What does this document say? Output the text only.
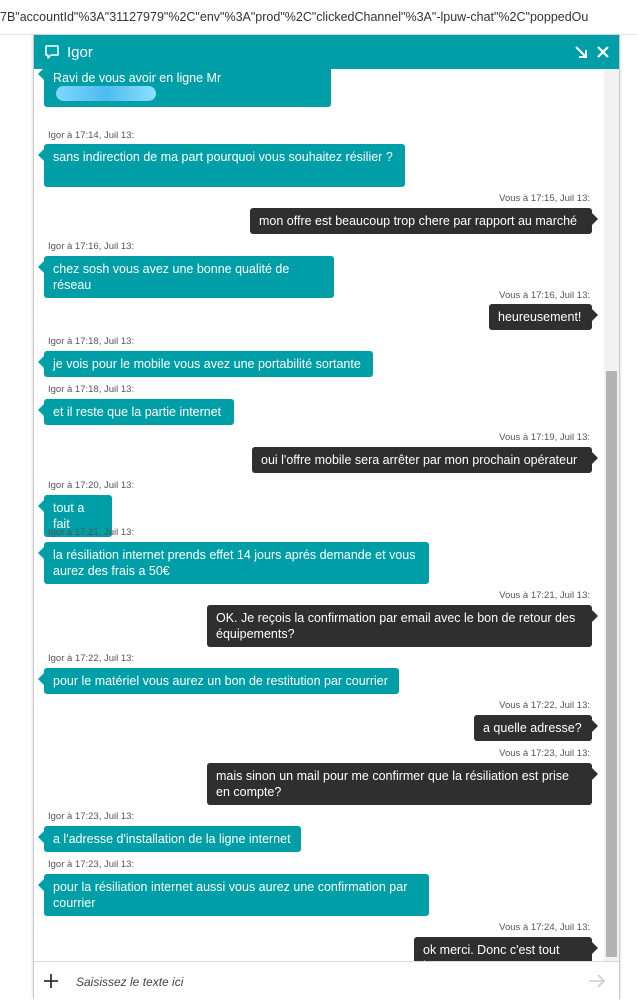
7B"accountId"%3A"31127979"%2C"env"%3A"prod"%2C"clickedChannel"%3A"-lpuw-chat"%2C"poppedOu
Igor
Ravi de vous avoir en ligne Mr
Igor à 17:14, Juil 13:
sans indirection de ma part pourquoi vous souhaitez résilier ?
Vous à 17:15, Juil 13:
mon offre est beaucoup trop chere par rapport au marché
Igor à 17:16, Juil 13:
chez sosh vous avez une bonne qualité de réseau
Vous à 17:16, Juil 13:
heureusement!
Igor à 17:18, Juil 13:
je vois pour le mobile vous avez une portabilité sortante
Igor à 17:18, Juil 13:
et il reste que la partie internet
Vous à 17:19, Juil 13:
oui l'offre mobile sera arrêter par mon prochain opérateur
Igor à 17:20, Juil 13:
tout a fait
Igor à 17:21, Juil 13:
la résiliation internet prends effet 14 jours aprés demande et vous aurez des frais a 50€
Vous à 17:21, Juil 13:
OK. Je reçois la confirmation par email avec le bon de retour des équipements?
Igor à 17:22, Juil 13:
pour le matériel vous aurez un bon de restitution par courrier
Vous à 17:22, Juil 13:
a quelle adresse?
Vous à 17:23, Juil 13:
mais sinon un mail pour me confirmer que la résiliation est prise en compte?
Igor à 17:23, Juil 13:
a l'adresse d'installation de la ligne internet
Igor à 17:23, Juil 13:
pour la résiliation internet aussi vous aurez une confirmation par courrier
Vous à 17:24, Juil 13:
ok merci. Donc c'est tout
Saisissez le texte ici
